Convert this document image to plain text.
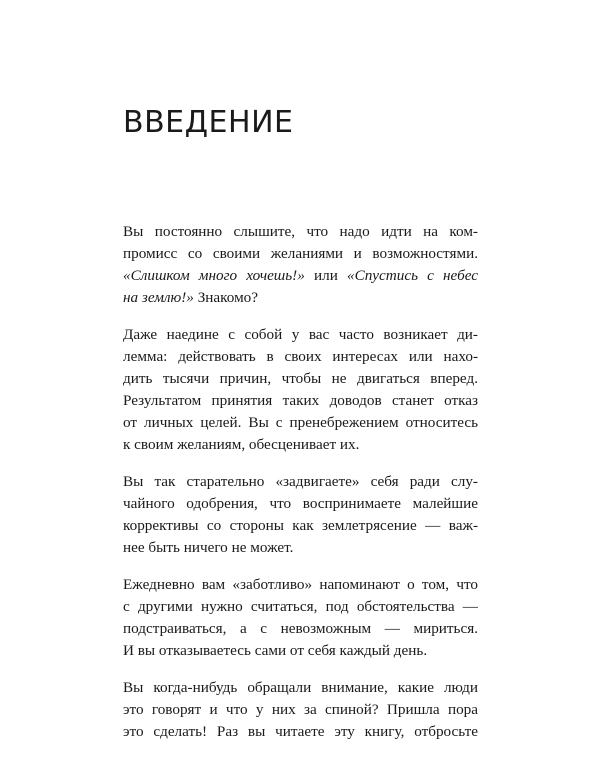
ВВЕДЕНИЕ

Вы постоянно слышите, что надо идти на ком-
промисс со своими желаниями и возможностями.
«Слишком много хочешь!» или «Спустись с небес
на землю!» Знакомо?

Даже наедине с собой у вас часто возникает ди-
лемма: действовать в своих интересах или нахо-
дить тысячи причин, чтобы не двигаться вперед.
Результатом принятия таких доводов станет отказ
от личных целей. Вы с пренебрежением относитесь
к своим желаниям, обесценивает их.

Вы так старательно «задвигаете» себя ради слу-
чайного одобрения, что воспринимаете малейшие
коррективы со стороны как землетрясение — важ-
нее быть ничего не может.

Ежедневно вам «заботливо» напоминают о том, что
с другими нужно считаться, под обстоятельства —
подстраиваться, а с невозможным — мириться.
И вы отказываетесь сами от себя каждый день.

Вы когда-нибудь обращали внимание, какие люди
это говорят и что у них за спиной? Пришла пора
это сделать! Раз вы читаете эту книгу, отбросьте
